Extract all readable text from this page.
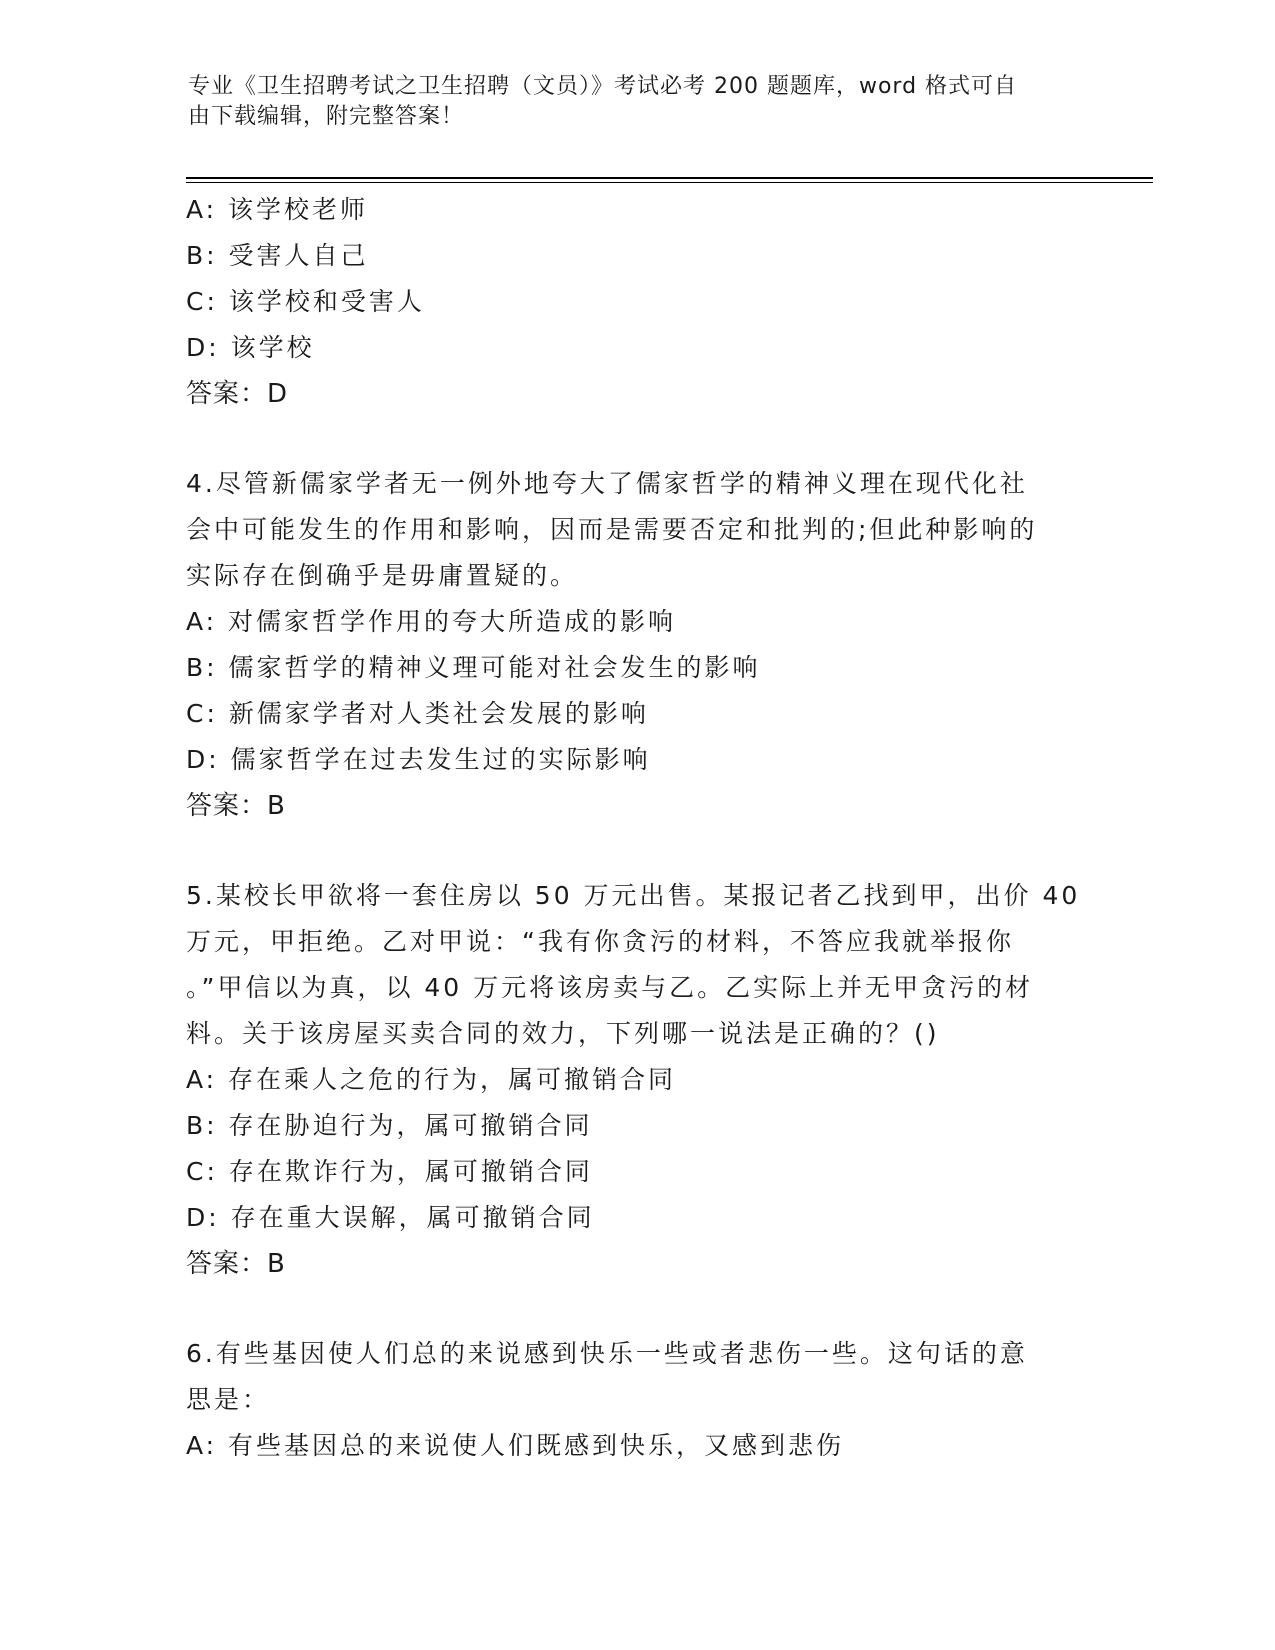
专业《卫生招聘考试之卫生招聘（文员）》考试必考 200 题题库，word 格式可自
由下载编辑，附完整答案！
A: 该学校老师
B: 受害人自己
C: 该学校和受害人
D: 该学校
答案：D
4.尽管新儒家学者无一例外地夸大了儒家哲学的精神义理在现代化社
会中可能发生的作用和影响，因而是需要否定和批判的;但此种影响的
实际存在倒确乎是毋庸置疑的。
A: 对儒家哲学作用的夸大所造成的影响
B: 儒家哲学的精神义理可能对社会发生的影响
C: 新儒家学者对人类社会发展的影响
D: 儒家哲学在过去发生过的实际影响
答案：B
5.某校长甲欲将一套住房以 50 万元出售。某报记者乙找到甲，出价 40
万元，甲拒绝。乙对甲说：“我有你贪污的材料，不答应我就举报你
。”甲信以为真，以 40 万元将该房卖与乙。乙实际上并无甲贪污的材
料。关于该房屋买卖合同的效力，下列哪一说法是正确的？()
A: 存在乘人之危的行为，属可撤销合同
B: 存在胁迫行为，属可撤销合同
C: 存在欺诈行为，属可撤销合同
D: 存在重大误解，属可撤销合同
答案：B
6.有些基因使人们总的来说感到快乐一些或者悲伤一些。这句话的意
思是：
A: 有些基因总的来说使人们既感到快乐，又感到悲伤
